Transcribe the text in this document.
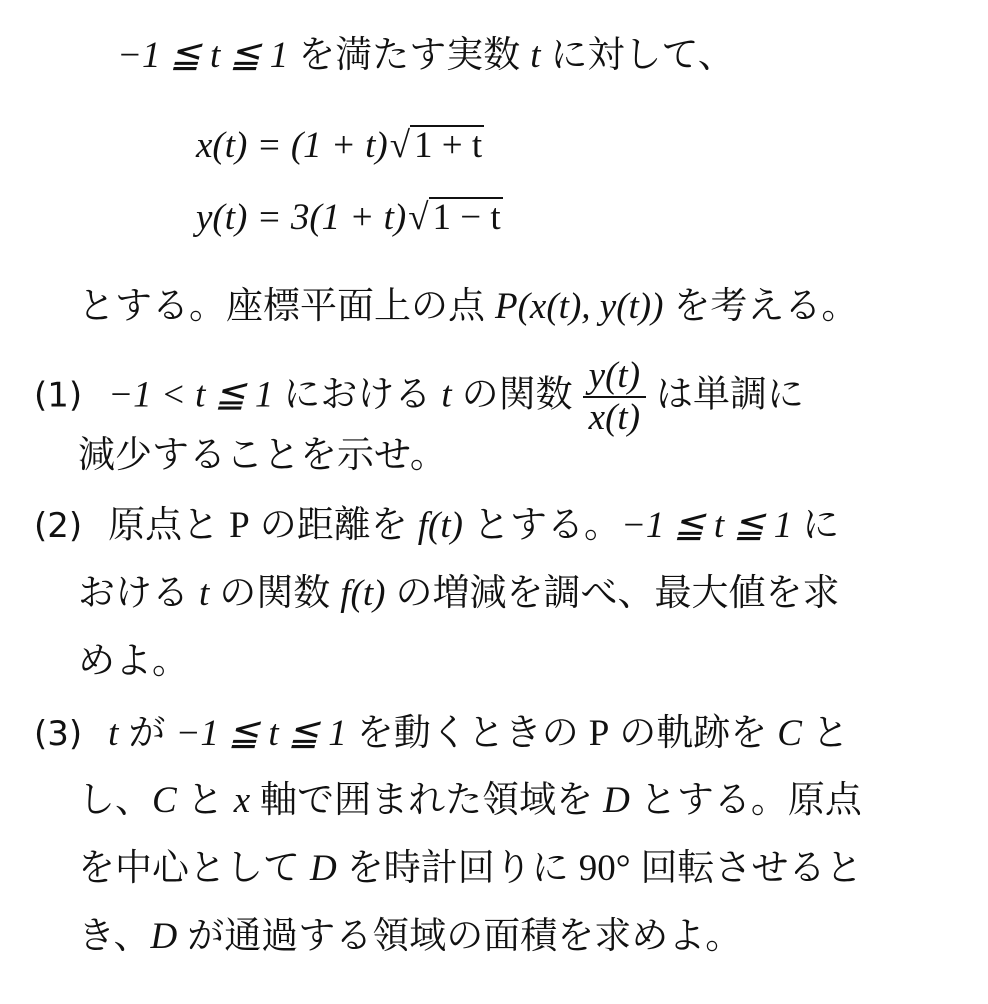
−1 ≦ t ≦ 1 を満たす実数 t に対して、
x(t) = (1 + t)√ 1 + t
y(t) = 3(1 + t)√ 1 − t
とする。座標平面上の点 P(x(t), y(t)) を考える。
(1) −1 < t ≦ 1 における t の関数 $\frac{y(t)}{x(t)}$ は単調に
減少することを示せ。
(2) 原点と P の距離を f(t) とする。−1 ≦ t ≦ 1 に
おける t の関数 f(t) の増減を調べ、最大値を求
めよ。
(3) t が −1 ≦ t ≦ 1 を動くときの P の軌跡を C と
し、C と x 軸で囲まれた領域を D とする。原点
を中心として D を時計回りに 90° 回転させると
き、D が通過する領域の面積を求めよ。
